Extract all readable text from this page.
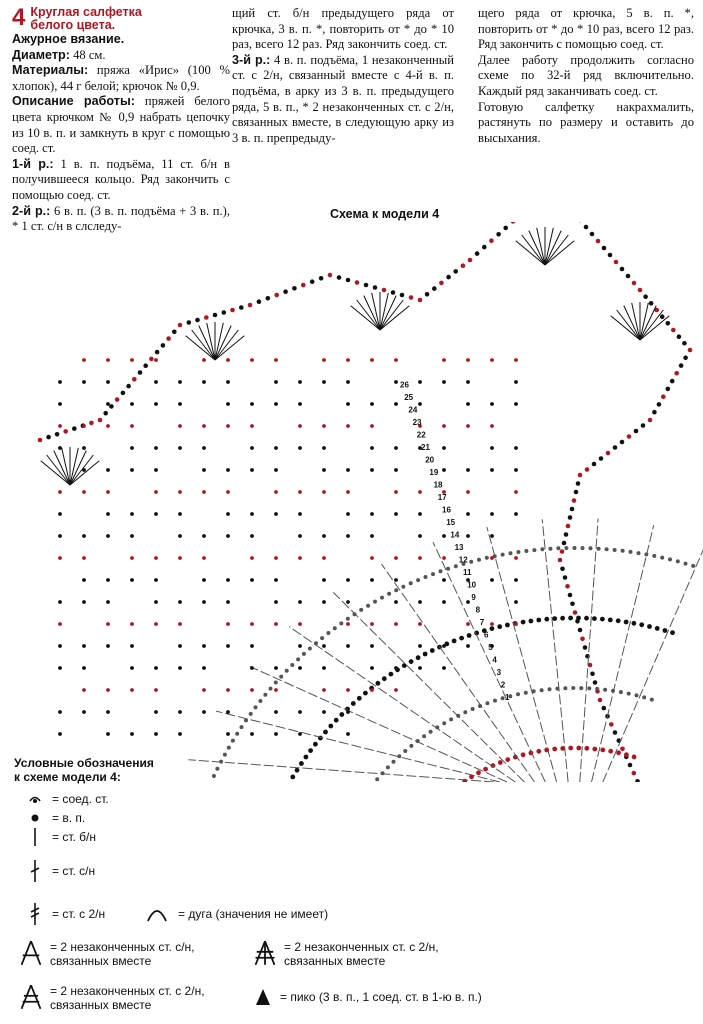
4 Круглая салфетка
белого цвета.

Ажурное вязание.

Диаметр: 48 см.

Материалы: пряжа «Ирис» (100 % хлопок), 44 г белой; крючок № 0,9.

Описание работы: пряжей белого цвета крючком № 0,9 набрать цепочку из 10 в. п. и замкнуть в круг с помощью соед. ст.

1-й р.: 1 в. п. подъёма, 11 ст. б/н в получившееся кольцо. Ряд закончить с помощью соед. ст.

2-й р.: 6 в. п. (3 в. п. подъёма + 3 в. п.), * 1 ст. с/н в слследу-

щий ст. б/н предыдущего ряда от крючка, 3 в. п. *, повторить от * до * 10 раз, всего 12 раз. Ряд закончить соед. ст.

3-й р.: 4 в. п. подъёма, 1 незаконченный ст. с 2/н, связанный вместе с 4-й в. п. подъёма, в арку из 3 в. п. предыдущего ряда, 5 в. п., * 2 незаконченных ст. с 2/н, связанных вместе, в следующую арку из 3 в. п. препредыду-

щего ряда от крючка, 5 в. п. *, повторить от * до * 10 раз, всего 12 раз. Ряд закончить с помощью соед. ст.

Далее работу продолжить согласно схеме по 32-й ряд включительно. Каждый ряд заканчивать соед. ст.

Готовую салфетку накрахмалить, растянуть по размеру и оставить до высыхания.

Схема к модели 4
1
2
3
4
5
6
7
8
9
10
11
12
13
14
15
16
17
18
19
20
21
22
23
24
25
26
Условные обозначения
к схеме модели 4:
= соед. ст.
= в. п.
= ст. б/н
= ст. с/н
= ст. с 2/н	= дуга (значения не имеет)
= 2 незаконченных ст. с/н, связанных вместе
= 2 незаконченных ст. с 2/н, связанных вместе
= 2 незаконченных ст. с 2/н, связанных вместе
= пико (3 в. п., 1 соед. ст. в 1-ю в. п.)
